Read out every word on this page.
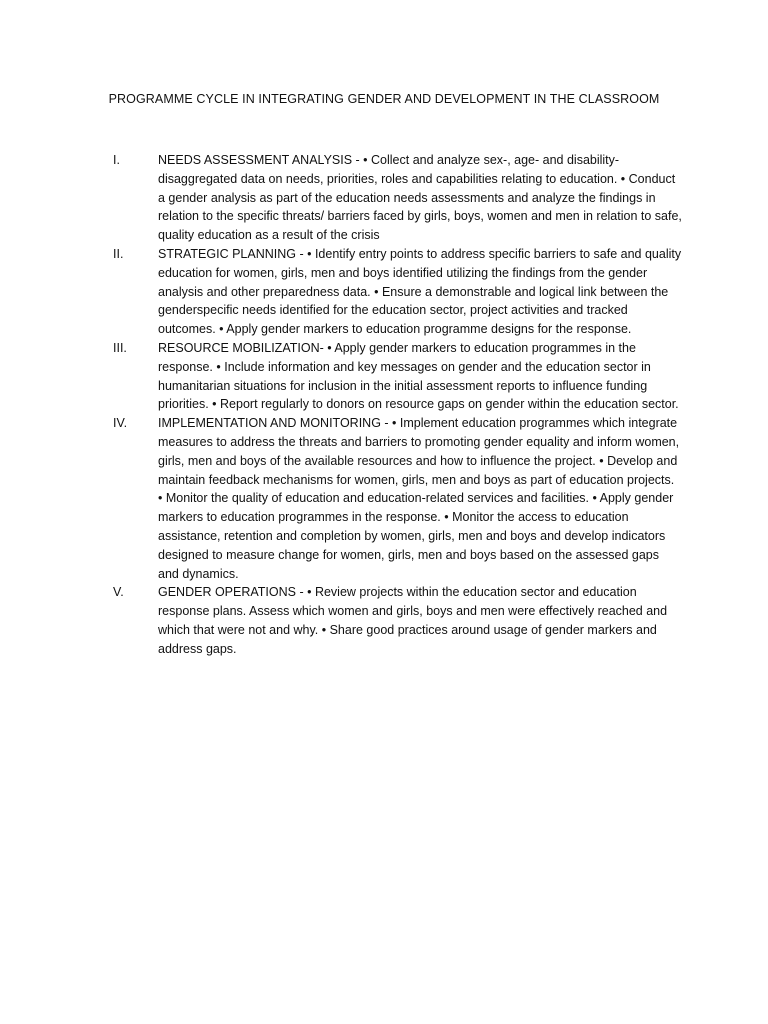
PROGRAMME CYCLE IN INTEGRATING GENDER AND DEVELOPMENT IN THE CLASSROOM
I.	NEEDS ASSESSMENT ANALYSIS - • Collect and analyze sex-, age- and disability-disaggregated data on needs, priorities, roles and capabilities relating to education. • Conduct a gender analysis as part of the education needs assessments and analyze the findings in relation to the specific threats/ barriers faced by girls, boys, women and men in relation to safe, quality education as a result of the crisis
II.	STRATEGIC PLANNING - • Identify entry points to address specific barriers to safe and quality education for women, girls, men and boys identified utilizing the findings from the gender analysis and other preparedness data. • Ensure a demonstrable and logical link between the genderspecific needs identified for the education sector, project activities and tracked outcomes. • Apply gender markers to education programme designs for the response.
III. RESOURCE MOBILIZATION- • Apply gender markers to education programmes in the response. • Include information and key messages on gender and the education sector in humanitarian situations for inclusion in the initial assessment reports to influence funding priorities. • Report regularly to donors on resource gaps on gender within the education sector.
IV. IMPLEMENTATION AND MONITORING - • Implement education programmes which integrate measures to address the threats and barriers to promoting gender equality and inform women, girls, men and boys of the available resources and how to influence the project. • Develop and maintain feedback mechanisms for women, girls, men and boys as part of education projects. • Monitor the quality of education and education-related services and facilities. • Apply gender markers to education programmes in the response. • Monitor the access to education assistance, retention and completion by women, girls, men and boys and develop indicators designed to measure change for women, girls, men and boys based on the assessed gaps and dynamics.
V.	GENDER OPERATIONS - • Review projects within the education sector and education response plans. Assess which women and girls, boys and men were effectively reached and which that were not and why. • Share good practices around usage of gender markers and address gaps.
